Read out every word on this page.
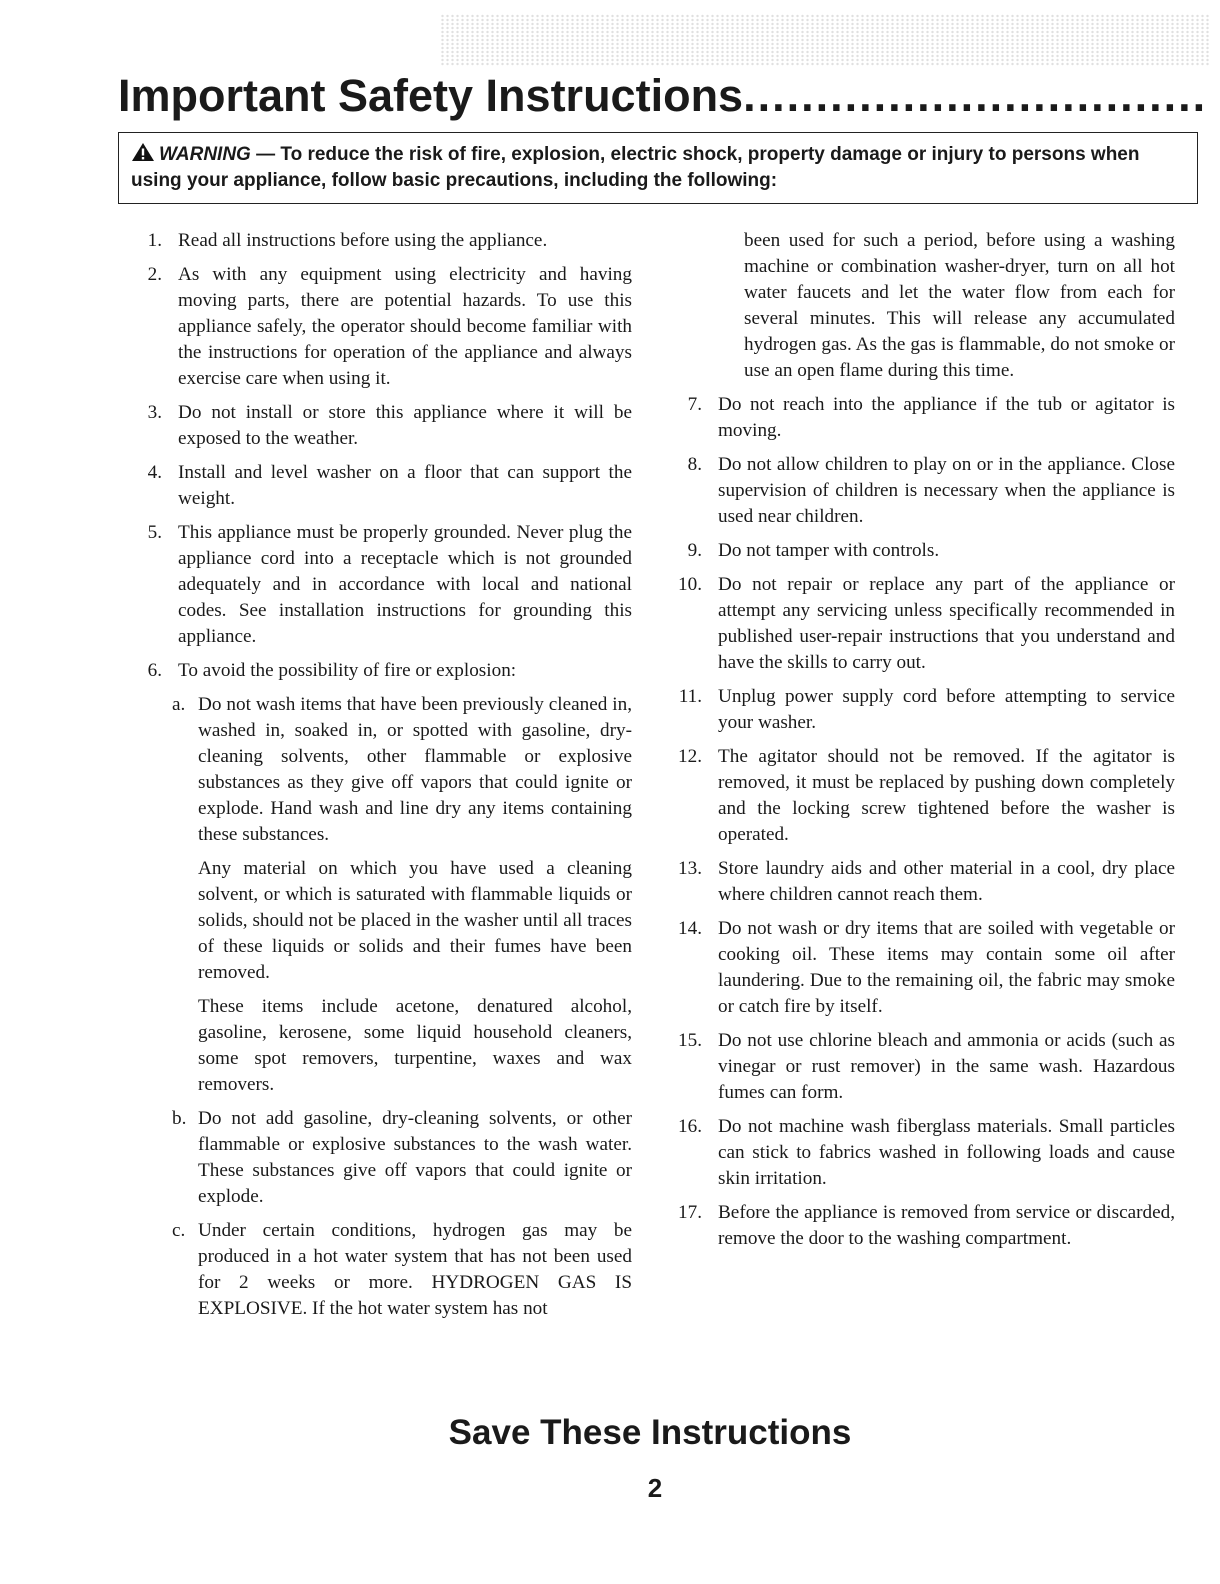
Important Safety Instructions................................
WARNING — To reduce the risk of fire, explosion, electric shock, property damage or injury to persons when using your appliance, follow basic precautions, including the following:
1. Read all instructions before using the appliance.
2. As with any equipment using electricity and having moving parts, there are potential hazards. To use this appliance safely, the operator should become familiar with the instructions for operation of the appliance and always exercise care when using it.
3. Do not install or store this appliance where it will be exposed to the weather.
4. Install and level washer on a floor that can support the weight.
5. This appliance must be properly grounded. Never plug the appliance cord into a receptacle which is not grounded adequately and in accordance with local and national codes. See installation instructions for grounding this appliance.
6. To avoid the possibility of fire or explosion:
a. Do not wash items that have been previously cleaned in, washed in, soaked in, or spotted with gasoline, dry-cleaning solvents, other flammable or explosive substances as they give off vapors that could ignite or explode. Hand wash and line dry any items containing these substances.
Any material on which you have used a cleaning solvent, or which is saturated with flammable liquids or solids, should not be placed in the washer until all traces of these liquids or solids and their fumes have been removed.
These items include acetone, denatured alcohol, gasoline, kerosene, some liquid household cleaners, some spot removers, turpentine, waxes and wax removers.
b. Do not add gasoline, dry-cleaning solvents, or other flammable or explosive substances to the wash water. These substances give off vapors that could ignite or explode.
c. Under certain conditions, hydrogen gas may be produced in a hot water system that has not been used for 2 weeks or more. HYDROGEN GAS IS EXPLOSIVE. If the hot water system has not
been used for such a period, before using a washing machine or combination washer-dryer, turn on all hot water faucets and let the water flow from each for several minutes. This will release any accumulated hydrogen gas. As the gas is flammable, do not smoke or use an open flame during this time.
7. Do not reach into the appliance if the tub or agitator is moving.
8. Do not allow children to play on or in the appliance. Close supervision of children is necessary when the appliance is used near children.
9. Do not tamper with controls.
10. Do not repair or replace any part of the appliance or attempt any servicing unless specifically recommended in published user-repair instructions that you understand and have the skills to carry out.
11. Unplug power supply cord before attempting to service your washer.
12. The agitator should not be removed. If the agitator is removed, it must be replaced by pushing down completely and the locking screw tightened before the washer is operated.
13. Store laundry aids and other material in a cool, dry place where children cannot reach them.
14. Do not wash or dry items that are soiled with vegetable or cooking oil. These items may contain some oil after laundering. Due to the remaining oil, the fabric may smoke or catch fire by itself.
15. Do not use chlorine bleach and ammonia or acids (such as vinegar or rust remover) in the same wash. Hazardous fumes can form.
16. Do not machine wash fiberglass materials. Small particles can stick to fabrics washed in following loads and cause skin irritation.
17. Before the appliance is removed from service or discarded, remove the door to the washing compartment.
Save These Instructions
2
